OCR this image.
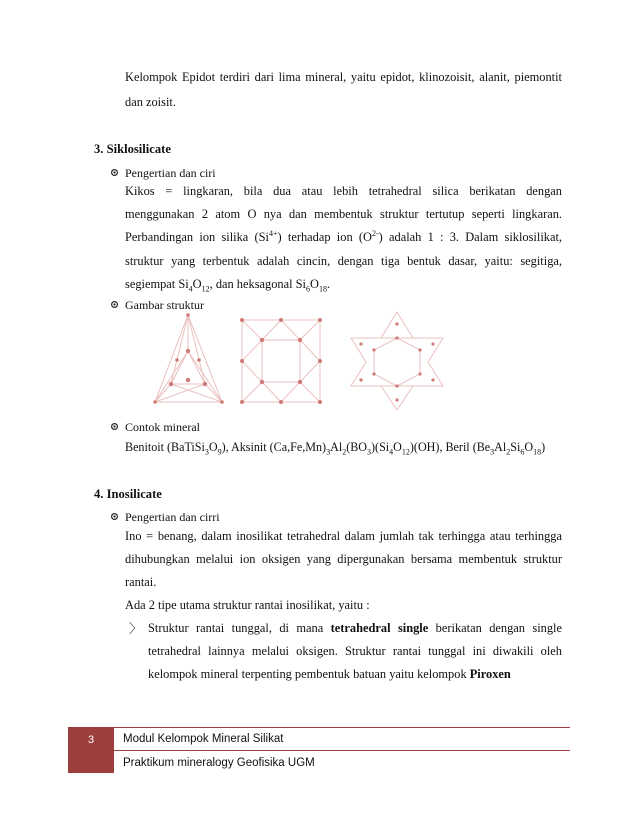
Kelompok Epidot terdiri dari lima mineral, yaitu epidot, klinozoisit, alanit, piemontit

dan zoisit.

3. Siklosilicate
Pengertian dan ciri

Kikos = lingkaran, bila dua atau lebih tetrahedral silica berikatan dengan

menggunakan 2 atom O nya dan membentuk struktur tertutup seperti lingkaran.

Perbandingan ion silika $(Si^{4+})$ terhadap ion $(O^{2-})$ adalah 1 : 3. Dalam siklosilikat,

struktur yang terbentuk adalah cincin, dengan tiga bentuk dasar, yaitu: segitiga,

segiempat $Si_4O_{12}$, dan heksagonal $Si_6O_{18}$.

Gambar struktur
Contok mineral

Benitoit $(BaTiSi_3O_9)$, Aksinit $(Ca,Fe,Mn)_3Al_2(BO_3)(Si_4O_{12})(OH)$, Beril $(Be_3Al_2Si_6O_{18})$

4. Inosilicate
Pengertian dan cirri

Ino = benang, dalam inosilikat tetrahedral dalam jumlah tak terhingga atau terhingga

dihubungkan melalui ion oksigen yang dipergunakan bersama membentuk struktur

rantai.

Ada 2 tipe utama struktur rantai inosilikat, yaitu :

〉 Struktur rantai tunggal, di mana tetrahedral single berikatan dengan single

tetrahedral lainnya melalui oksigen. Struktur rantai tunggal ini diwakili oleh

kelompok mineral terpenting pembentuk batuan yaitu kelompok Piroxen

3	Modul Kelompok Mineral Silikat
Praktikum mineralogy Geofisika UGM
